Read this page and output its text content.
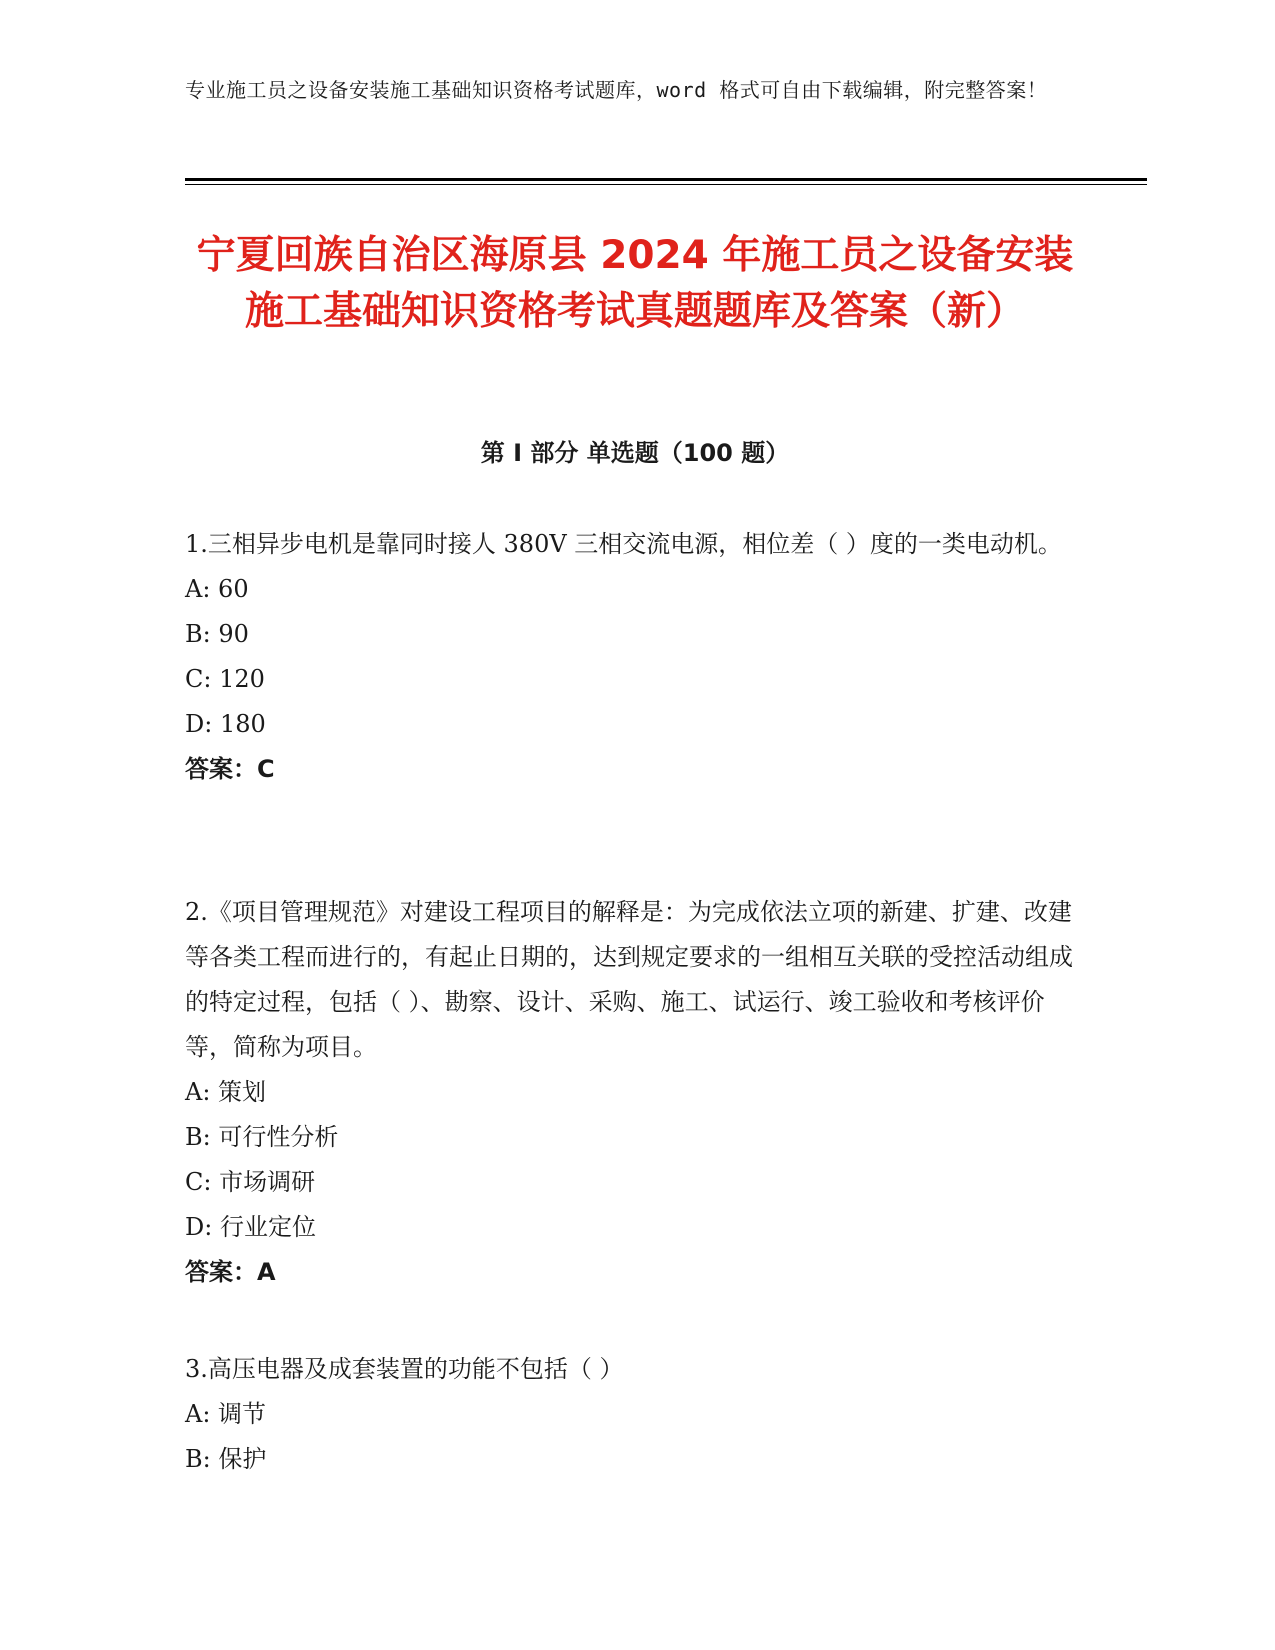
专业施工员之设备安装施工基础知识资格考试题库，word 格式可自由下载编辑，附完整答案！
宁夏回族自治区海原县 2024 年施工员之设备安装施工基础知识资格考试真题题库及答案（新）
第 I 部分 单选题（100 题）
1.三相异步电机是靠同时接人 380V 三相交流电源，相位差（ ）度的一类电动机。
A: 60
B: 90
C: 120
D: 180
答案：C
2.《项目管理规范》对建设工程项目的解释是：为完成依法立项的新建、扩建、改建等各类工程而进行的，有起止日期的，达到规定要求的一组相互关联的受控活动组成的特定过程，包括（ ）、勘察、设计、采购、施工、试运行、竣工验收和考核评价等，简称为项目。
A: 策划
B: 可行性分析
C: 市场调研
D: 行业定位
答案：A
3.高压电器及成套装置的功能不包括（ ）
A: 调节
B: 保护
